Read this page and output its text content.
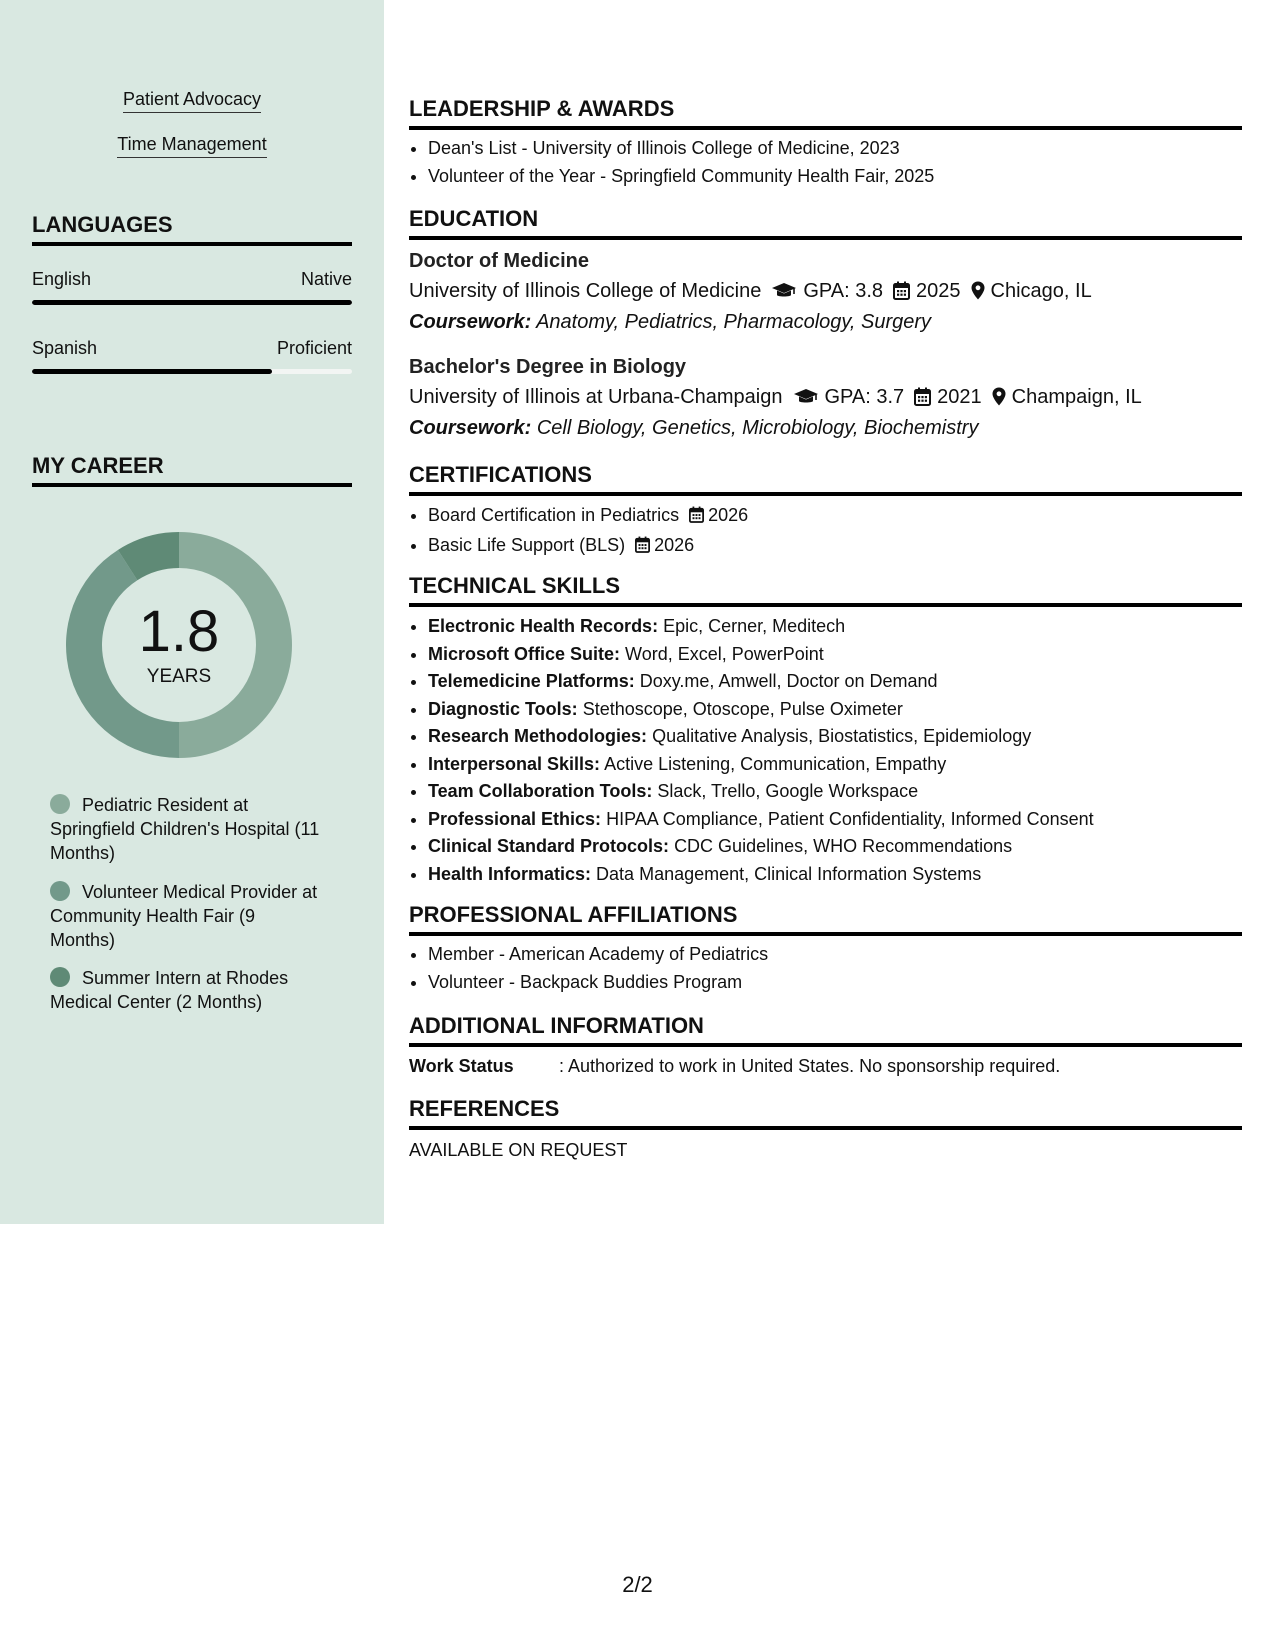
Patient Advocacy
Time Management
LANGUAGES
English	Native
Spanish	Proficient
MY CAREER
1.8
YEARS
Pediatric Resident at Springfield Children's Hospital (11 Months)
Volunteer Medical Provider at Community Health Fair (9 Months)
Summer Intern at Rhodes Medical Center (2 Months)
LEADERSHIP & AWARDS
• Dean's List - University of Illinois College of Medicine, 2023
• Volunteer of the Year - Springfield Community Health Fair, 2025
EDUCATION
Doctor of Medicine
University of Illinois College of Medicine GPA: 3.8 2025 Chicago, IL
Coursework: Anatomy, Pediatrics, Pharmacology, Surgery
Bachelor's Degree in Biology
University of Illinois at Urbana-Champaign GPA: 3.7 2021 Champaign, IL
Coursework: Cell Biology, Genetics, Microbiology, Biochemistry
CERTIFICATIONS
• Board Certification in Pediatrics 2026
• Basic Life Support (BLS) 2026
TECHNICAL SKILLS
• Electronic Health Records: Epic, Cerner, Meditech
• Microsoft Office Suite: Word, Excel, PowerPoint
• Telemedicine Platforms: Doxy.me, Amwell, Doctor on Demand
• Diagnostic Tools: Stethoscope, Otoscope, Pulse Oximeter
• Research Methodologies: Qualitative Analysis, Biostatistics, Epidemiology
• Interpersonal Skills: Active Listening, Communication, Empathy
• Team Collaboration Tools: Slack, Trello, Google Workspace
• Professional Ethics: HIPAA Compliance, Patient Confidentiality, Informed Consent
• Clinical Standard Protocols: CDC Guidelines, WHO Recommendations
• Health Informatics: Data Management, Clinical Information Systems
PROFESSIONAL AFFILIATIONS
• Member - American Academy of Pediatrics
• Volunteer - Backpack Buddies Program
ADDITIONAL INFORMATION
Work Status	: Authorized to work in United States. No sponsorship required.
REFERENCES
AVAILABLE ON REQUEST
2/2
